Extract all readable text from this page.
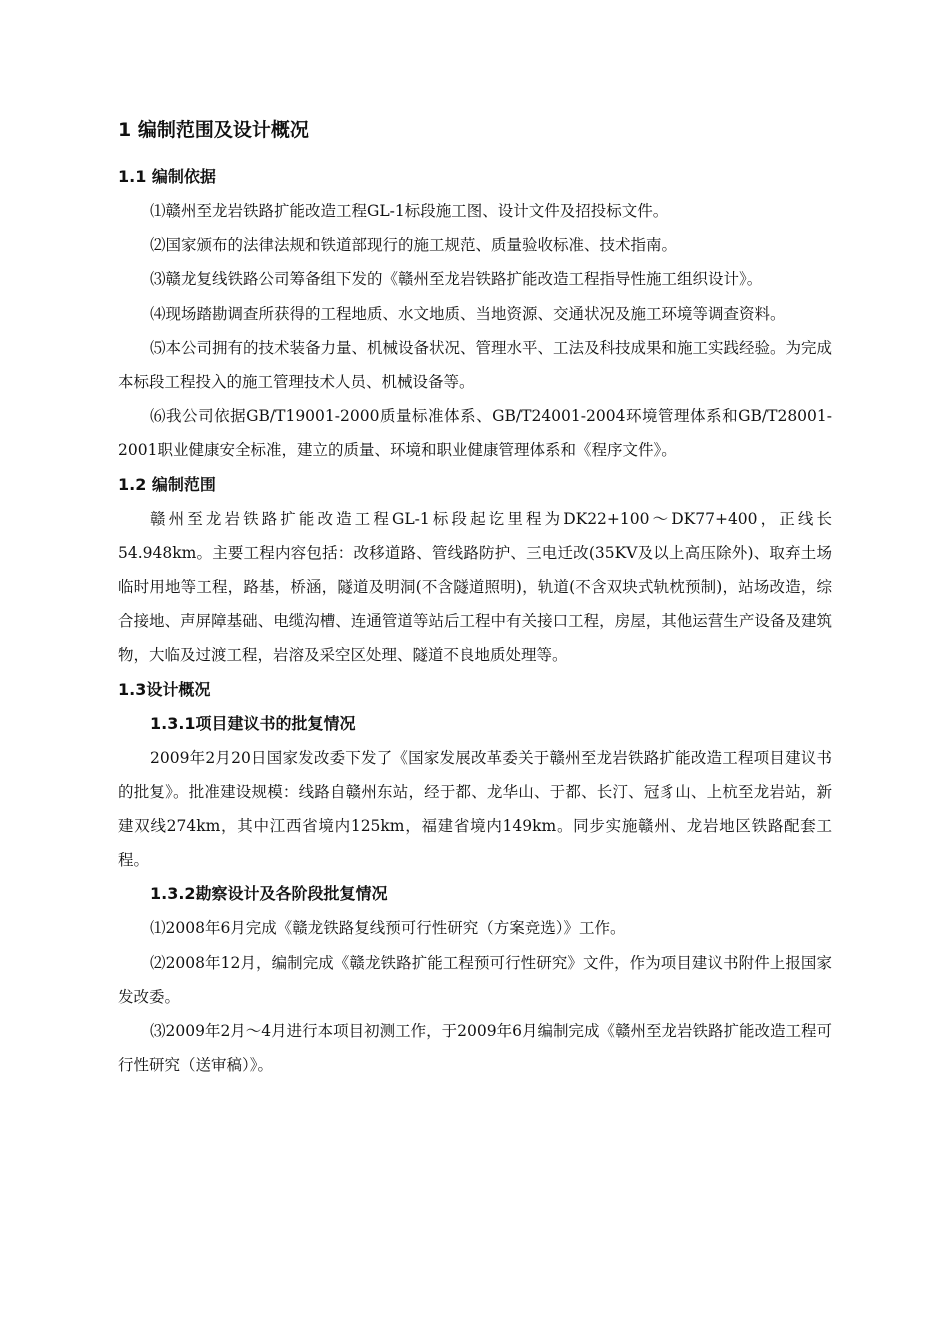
1 编制范围及设计概况
1.1 编制依据

⑴赣州至龙岩铁路扩能改造工程GL-1标段施工图、设计文件及招投标文件。

⑵国家颁布的法律法规和铁道部现行的施工规范、质量验收标准、技术指南。

⑶赣龙复线铁路公司筹备组下发的《赣州至龙岩铁路扩能改造工程指导性施工组织设计》。

⑷现场踏勘调查所获得的工程地质、水文地质、当地资源、交通状况及施工环境等调查资料。

⑸本公司拥有的技术装备力量、机械设备状况、管理水平、工法及科技成果和施工实践经验。为完成本标段工程投入的施工管理技术人员、机械设备等。

⑹我公司依据GB/T19001-2000质量标准体系、GB/T24001-2004环境管理体系和GB/T28001-2001职业健康安全标准，建立的质量、环境和职业健康管理体系和《程序文件》。

1.2 编制范围

赣州至龙岩铁路扩能改造工程GL-1标段起讫里程为DK22+100～DK77+400，正线长54.948km。主要工程内容包括：改移道路、管线路防护、三电迁改(35KV及以上高压除外)、取弃土场临时用地等工程，路基，桥涵，隧道及明洞(不含隧道照明)，轨道(不含双块式轨枕预制)，站场改造，综合接地、声屏障基础、电缆沟槽、连通管道等站后工程中有关接口工程，房屋，其他运营生产设备及建筑物，大临及过渡工程，岩溶及采空区处理、隧道不良地质处理等。

1.3设计概况
1.3.1项目建议书的批复情况

2009年2月20日国家发改委下发了《国家发展改革委关于赣州至龙岩铁路扩能改造工程项目建议书的批复》。批准建设规模：线路自赣州东站，经于都、龙华山、于都、长汀、冠豸山、上杭至龙岩站，新建双线274km，其中江西省境内125km，福建省境内149km。同步实施赣州、龙岩地区铁路配套工程。

1.3.2勘察设计及各阶段批复情况

⑴2008年6月完成《赣龙铁路复线预可行性研究（方案竞选）》工作。

⑵2008年12月，编制完成《赣龙铁路扩能工程预可行性研究》文件，作为项目建议书附件上报国家发改委。

⑶2009年2月～4月进行本项目初测工作，于2009年6月编制完成《赣州至龙岩铁路扩能改造工程可行性研究（送审稿）》。
